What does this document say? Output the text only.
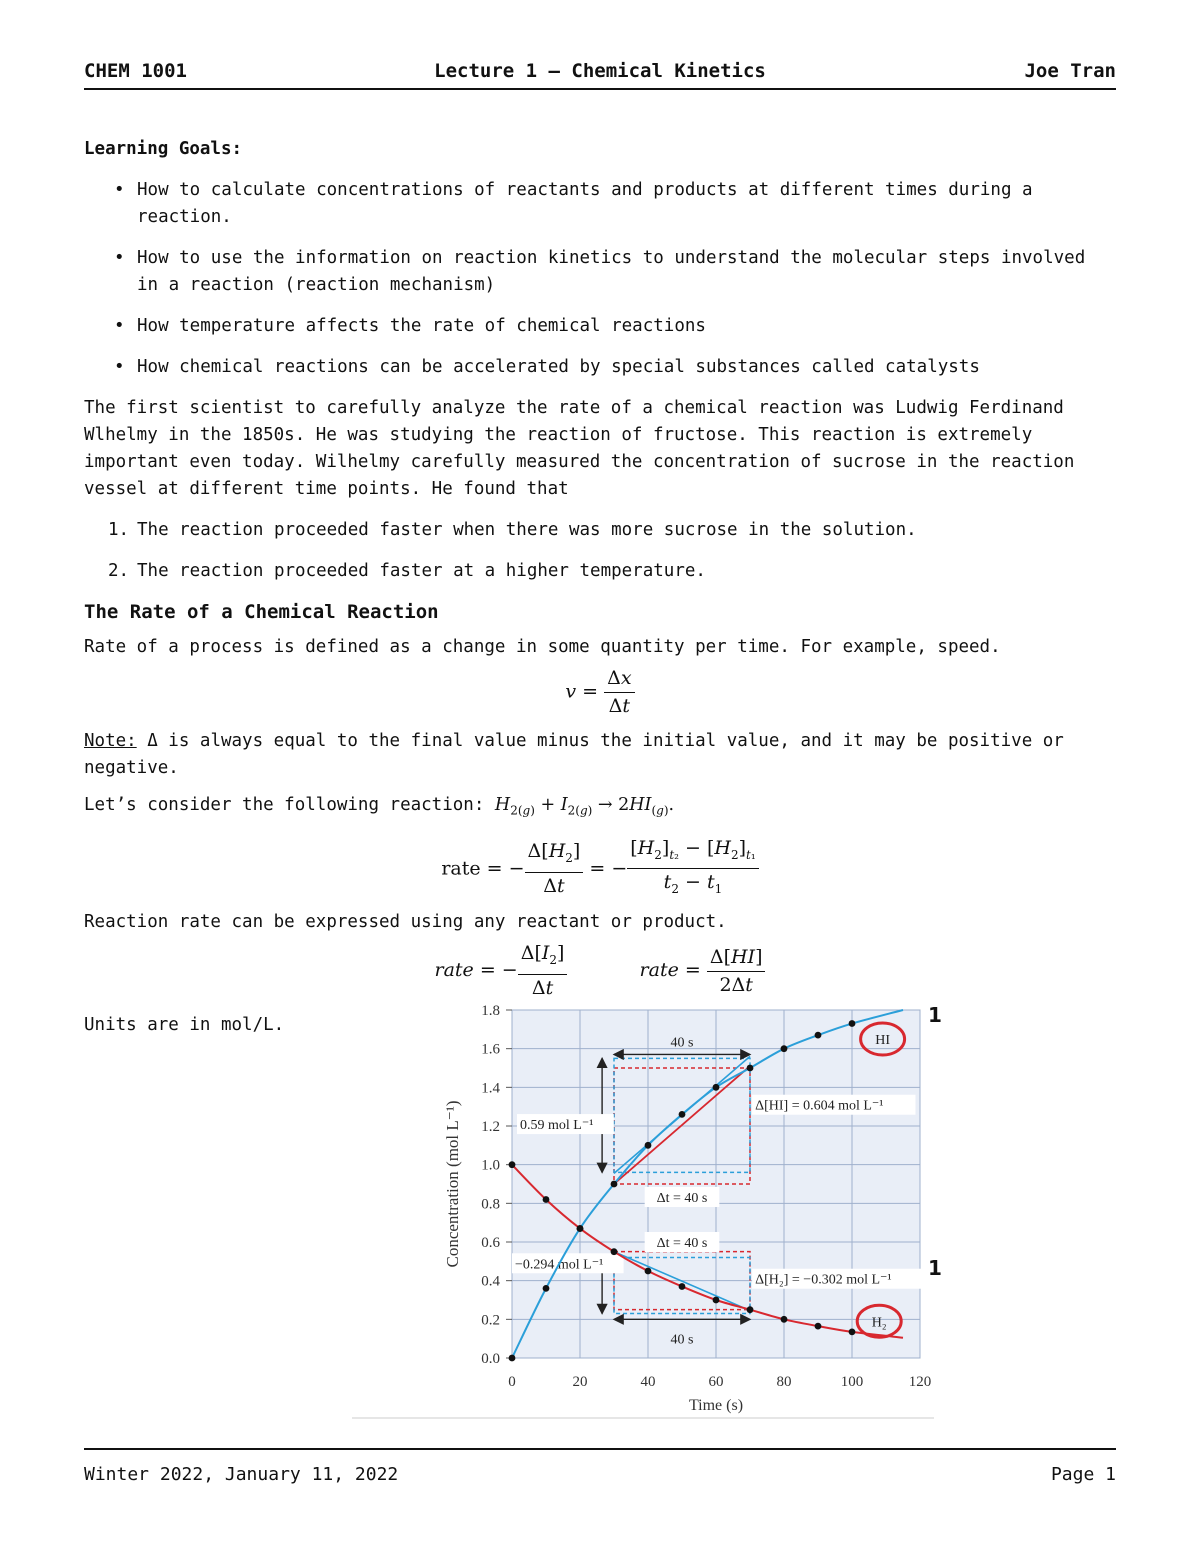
Lecture 1 – Chemical Kinetics
CHEM 1001	Joe Tran

Learning Goals:

• How to calculate concentrations of reactants and products at different times during a reaction.
• How to use the information on reaction kinetics to understand the molecular steps involved in a reaction (reaction mechanism)
• How temperature affects the rate of chemical reactions
• How chemical reactions can be accelerated by special substances called catalysts

The first scientist to carefully analyze the rate of a chemical reaction was Ludwig Ferdinand Wlhelmy in the 1850s. He was studying the reaction of fructose. This reaction is extremely important even today. Wilhelmy carefully measured the concentration of sucrose in the reaction vessel at different time points. He found that

1. The reaction proceeded faster when there was more sucrose in the solution.
2. The reaction proceeded faster at a higher temperature.

The Rate of a Chemical Reaction

Rate of a process is defined as a change in some quantity per time. For example, speed.

$v = \frac{\Delta x}{\Delta t}$

Note: Δ is always equal to the final value minus the initial value, and it may be positive or negative.

Let’s consider the following reaction: $H_{2(g)} + I_{2(g)} \to 2HI_{(g)}$.

rate = − $\frac{\Delta[H_2]}{\Delta t}$ = − $\frac{[H_2]_{t_2} - [H_2]_{t_1}}{t_2 - t_1}$

Reaction rate can be expressed using any reactant or product.

rate = − $\frac{\Delta[I_2]}{\Delta t}$	rate = $\frac{\Delta[HI]}{2\Delta t}$

Units are in mol/L.

0.0
0.2
0.4
0.6
0.8
1.0
1.2
1.4
1.6
1.8
0	20	40	60	80	100	120
Time (s)
Concentration (mol L⁻¹)
40 s
Δt = 40 s
0.59 mol L⁻¹
Δ[HI] = 0.604 mol L⁻¹
Δt = 40 s
40 s
−0.294 mol L⁻¹
Δ[H₂] = −0.302 mol L⁻¹
HI
H₂
1
1
Winter 2022, January 11, 2022	Page 1
